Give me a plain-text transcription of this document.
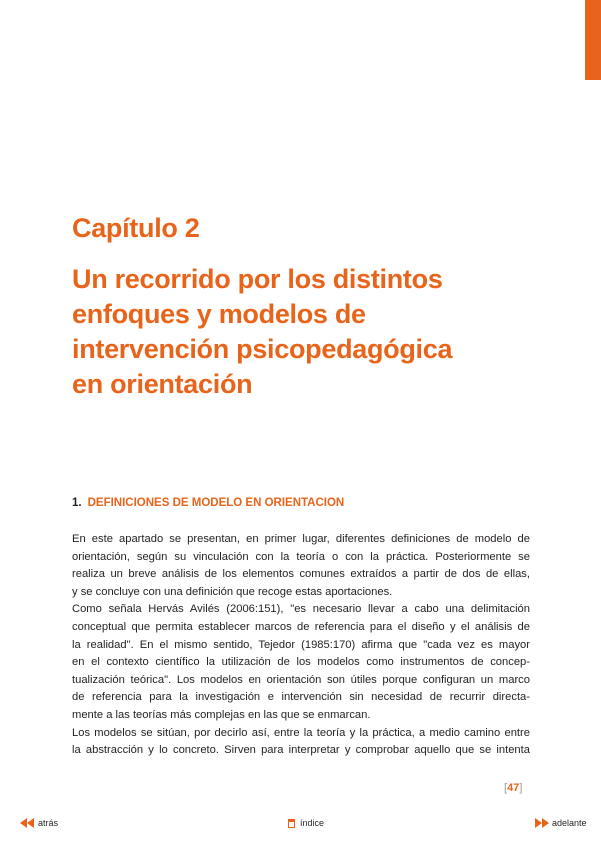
Capítulo 2
Un recorrido por los distintos
enfoques y modelos de
intervención psicopedagógica
en orientación
1. DEFINICIONES DE MODELO EN ORIENTACION

En este apartado se presentan, en primer lugar, diferentes definiciones de modelo de
orientación, según su vinculación con la teoría o con la práctica. Posteriormente se
realiza un breve análisis de los elementos comunes extraídos a partir de dos de ellas,
y se concluye con una definición que recoge estas aportaciones.

Como señala Hervás Avilés (2006:151), "es necesario llevar a cabo una delimitación
conceptual que permita establecer marcos de referencia para el diseño y el análisis de
la realidad". En el mismo sentido, Tejedor (1985:170) afirma que "cada vez es mayor
en el contexto científico la utilización de los modelos como instrumentos de concep-
tualización teórica". Los modelos en orientación son útiles porque configuran un marco
de referencia para la investigación e intervención sin necesidad de recurrir directa-
mente a las teorías más complejas en las que se enmarcan.

Los modelos se sitúan, por decirlo así, entre la teoría y la práctica, a medio camino entre
la abstracción y lo concreto. Sirven para interpretar y comprobar aquello que se intenta

[47]
atrás	índice	adelante
